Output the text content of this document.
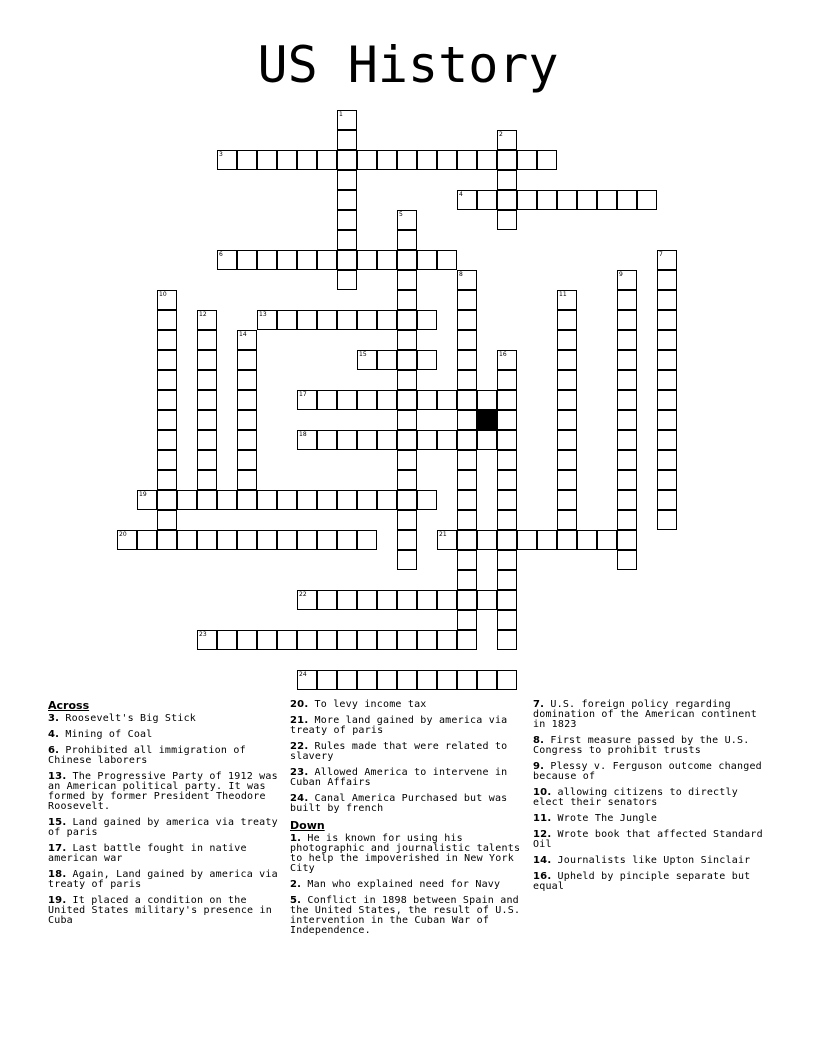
US History
1
2
3
4
5
6	7
8	9
10	11
12	13
14
15	16
17
18
19
20	21
22
23
24
Across
3. Roosevelt's Big Stick
4. Mining of Coal
6. Prohibited all immigration of Chinese laborers
13. The Progressive Party of 1912 was an American political party. It was formed by former President Theodore Roosevelt.
15. Land gained by america via treaty of paris
17. Last battle fought in native american war
18. Again, Land gained by america via treaty of paris
19. It placed a condition on the United States military's presence in Cuba
20. To levy income tax
21. More land gained by america via treaty of paris
22. Rules made that were related to slavery
23. Allowed America to intervene in Cuban Affairs
24. Canal America Purchased but was built by french
Down
1. He is known for using his photographic and journalistic talents to help the impoverished in New York City
2. Man who explained need for Navy
5. Conflict in 1898 between Spain and the United States, the result of U.S. intervention in the Cuban War of Independence.
7. U.S. foreign policy regarding domination of the American continent in 1823
8. First measure passed by the U.S. Congress to prohibit trusts
9. Plessy v. Ferguson outcome changed because of
10. allowing citizens to directly elect their senators
11. Wrote The Jungle
12. Wrote book that affected Standard Oil
14. Journalists like Upton Sinclair
16. Upheld by pinciple separate but equal
